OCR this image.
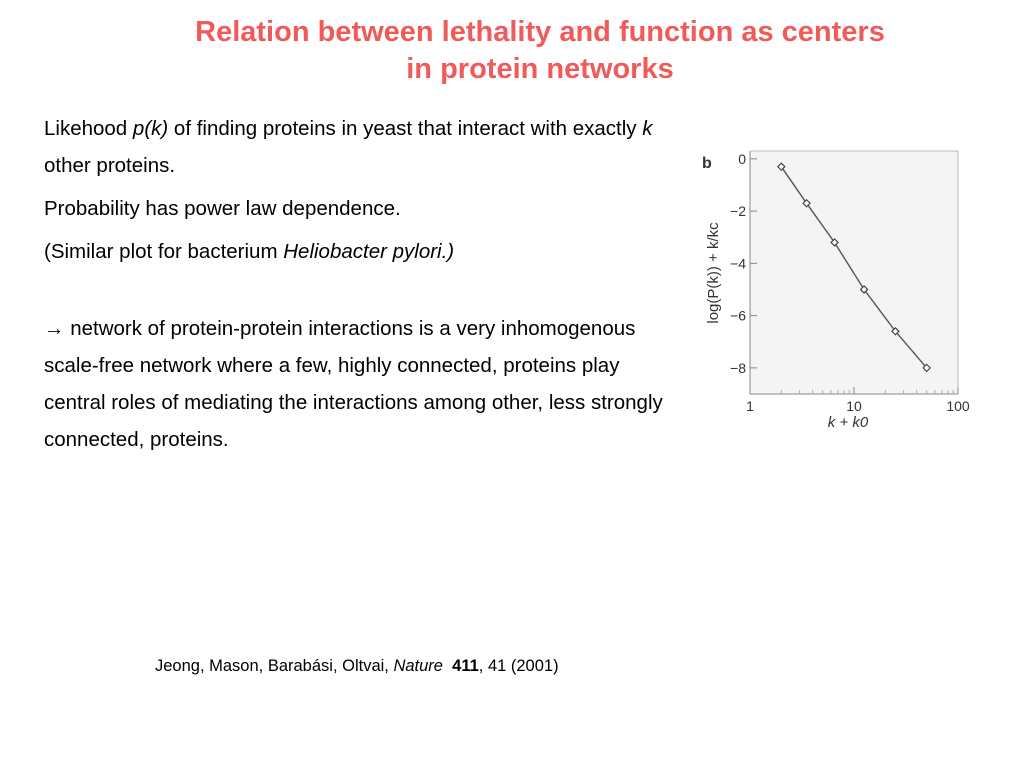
Relation between lethality and function as centers
in protein networks

Likehood p(k) of finding proteins in yeast that interact with exactly k other proteins.

Probability has power law dependence.

(Similar plot for bacterium Heliobacter pylori.)

→ network of protein-protein interactions is a very inhomogenous scale-free network where a few, highly connected, proteins play central roles of mediating the interactions among other, less strongly connected, proteins.

b 0
−2
−4
−6
−8
1	10	100
k + k0
log(P(k)) + k/kc
Jeong, Mason, Barabási, Oltvai, Nature 411, 41 (2001)
